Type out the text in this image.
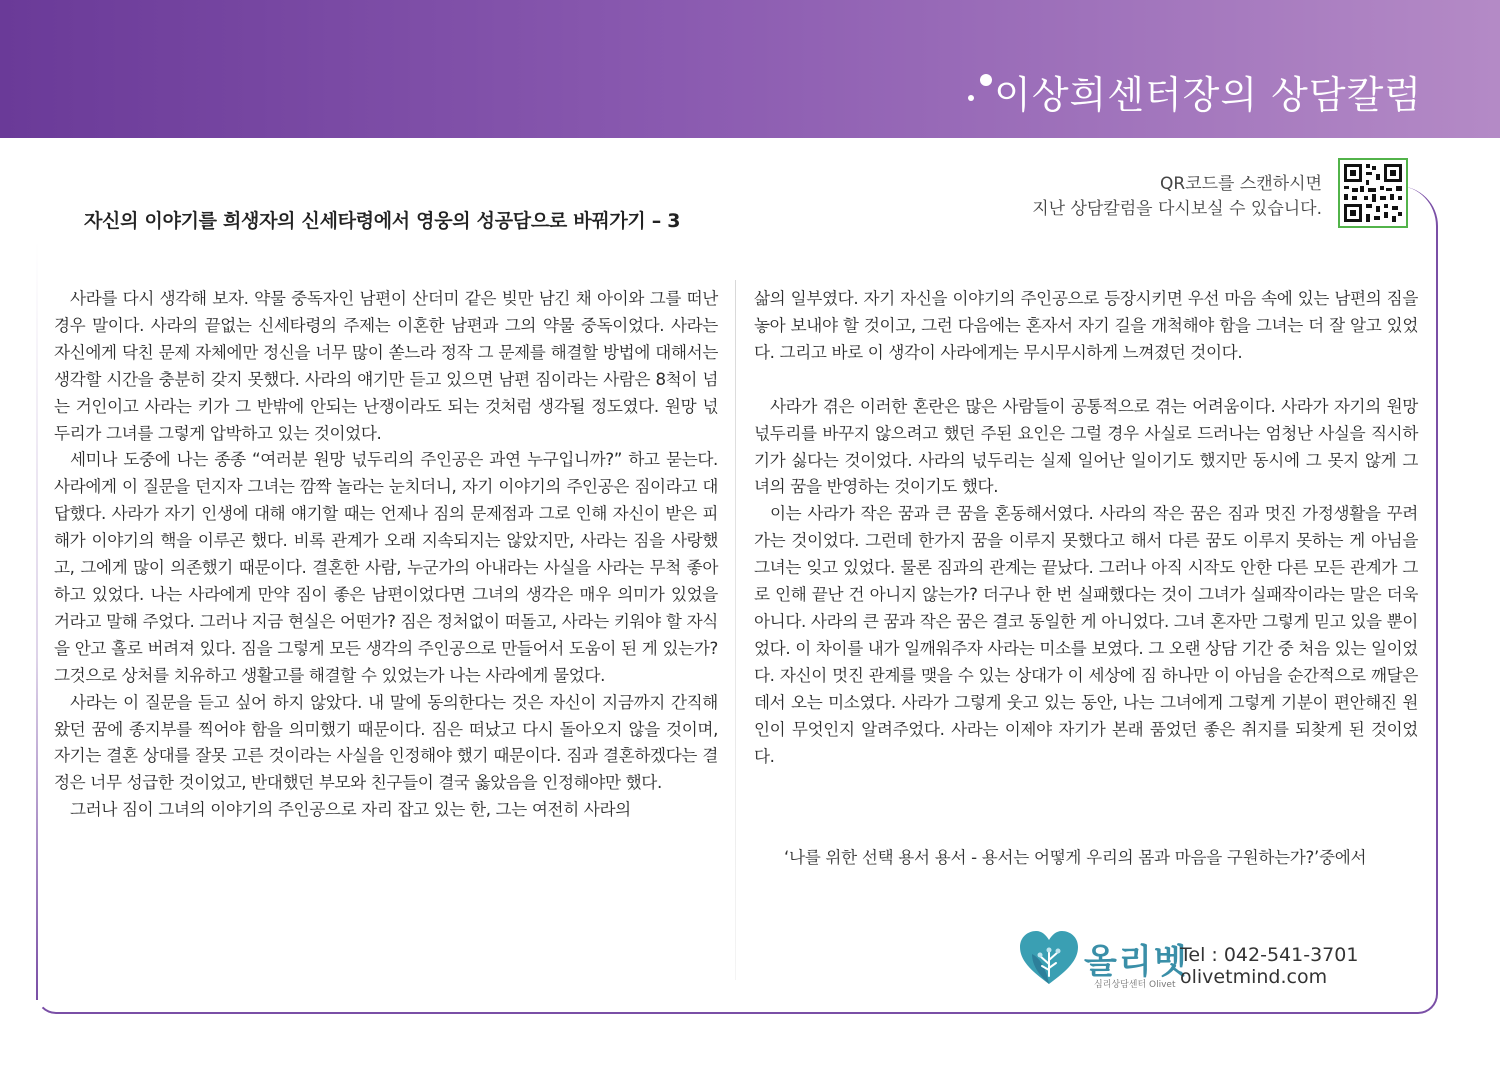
이상희센터장의 상담칼럼
자신의 이야기를 희생자의 신세타령에서 영웅의 성공담으로 바꿔가기 – 3
QR코드를 스캔하시면
지난 상담칼럼을 다시보실 수 있습니다.

사라를 다시 생각해 보자. 약물 중독자인 남편이 산더미 같은 빚만 남긴 채 아이와 그를 떠난 경우 말이다. 사라의 끝없는 신세타령의 주제는 이혼한 남편과 그의 약물 중독이었다. 사라는 자신에게 닥친 문제 자체에만 정신을 너무 많이 쏟느라 정작 그 문제를 해결할 방법에 대해서는 생각할 시간을 충분히 갖지 못했다. 사라의 얘기만 듣고 있으면 남편 짐이라는 사람은 8척이 넘는 거인이고 사라는 키가 그 반밖에 안되는 난쟁이라도 되는 것처럼 생각될 정도였다. 원망 넋두리가 그녀를 그렇게 압박하고 있는 것이었다.

세미나 도중에 나는 종종 “여러분 원망 넋두리의 주인공은 과연 누구입니까?” 하고 묻는다. 사라에게 이 질문을 던지자 그녀는 깜짝 놀라는 눈치더니, 자기 이야기의 주인공은 짐이라고 대답했다. 사라가 자기 인생에 대해 얘기할 때는 언제나 짐의 문제점과 그로 인해 자신이 받은 피해가 이야기의 핵을 이루곤 했다. 비록 관계가 오래 지속되지는 않았지만, 사라는 짐을 사랑했고, 그에게 많이 의존했기 때문이다. 결혼한 사람, 누군가의 아내라는 사실을 사라는 무척 좋아하고 있었다. 나는 사라에게 만약 짐이 좋은 남편이었다면 그녀의 생각은 매우 의미가 있었을 거라고 말해 주었다. 그러나 지금 현실은 어떤가? 짐은 정처없이 떠돌고, 사라는 키워야 할 자식을 안고 홀로 버려져 있다. 짐을 그렇게 모든 생각의 주인공으로 만들어서 도움이 된 게 있는가? 그것으로 상처를 치유하고 생활고를 해결할 수 있었는가 나는 사라에게 물었다.

사라는 이 질문을 듣고 싶어 하지 않았다. 내 말에 동의한다는 것은 자신이 지금까지 간직해 왔던 꿈에 종지부를 찍어야 함을 의미했기 때문이다. 짐은 떠났고 다시 돌아오지 않을 것이며, 자기는 결혼 상대를 잘못 고른 것이라는 사실을 인정해야 했기 때문이다. 짐과 결혼하겠다는 결정은 너무 성급한 것이었고, 반대했던 부모와 친구들이 결국 옳았음을 인정해야만 했다.

그러나 짐이 그녀의 이야기의 주인공으로 자리 잡고 있는 한, 그는 여전히 사라의

삶의 일부였다. 자기 자신을 이야기의 주인공으로 등장시키면 우선 마음 속에 있는 남편의 짐을 놓아 보내야 할 것이고, 그런 다음에는 혼자서 자기 길을 개척해야 함을 그녀는 더 잘 알고 있었다. 그리고 바로 이 생각이 사라에게는 무시무시하게 느껴졌던 것이다.

사라가 겪은 이러한 혼란은 많은 사람들이 공통적으로 겪는 어려움이다. 사라가 자기의 원망 넋두리를 바꾸지 않으려고 했던 주된 요인은 그럴 경우 사실로 드러나는 엄청난 사실을 직시하기가 싫다는 것이었다. 사라의 넋두리는 실제 일어난 일이기도 했지만 동시에 그 못지 않게 그녀의 꿈을 반영하는 것이기도 했다.

이는 사라가 작은 꿈과 큰 꿈을 혼동해서였다. 사라의 작은 꿈은 짐과 멋진 가정생활을 꾸려가는 것이었다. 그런데 한가지 꿈을 이루지 못했다고 해서 다른 꿈도 이루지 못하는 게 아님을 그녀는 잊고 있었다. 물론 짐과의 관계는 끝났다. 그러나 아직 시작도 안한 다른 모든 관계가 그로 인해 끝난 건 아니지 않는가? 더구나 한 번 실패했다는 것이 그녀가 실패작이라는 말은 더욱 아니다. 사라의 큰 꿈과 작은 꿈은 결코 동일한 게 아니었다. 그녀 혼자만 그렇게 믿고 있을 뿐이었다. 이 차이를 내가 일깨워주자 사라는 미소를 보였다. 그 오랜 상담 기간 중 처음 있는 일이었다. 자신이 멋진 관계를 맺을 수 있는 상대가 이 세상에 짐 하나만 이 아님을 순간적으로 깨달은 데서 오는 미소였다. 사라가 그렇게 웃고 있는 동안, 나는 그녀에게 그렇게 기분이 편안해진 원인이 무엇인지 알려주었다. 사라는 이제야 자기가 본래 품었던 좋은 취지를 되찾게 된 것이었다.

‘나를 위한 선택 용서 용서 - 용서는 어떻게 우리의 몸과 마음을 구원하는가?’중에서
올리벳
심리상담센터 Olivet
Tel : 042-541-3701
olivetmind.com
